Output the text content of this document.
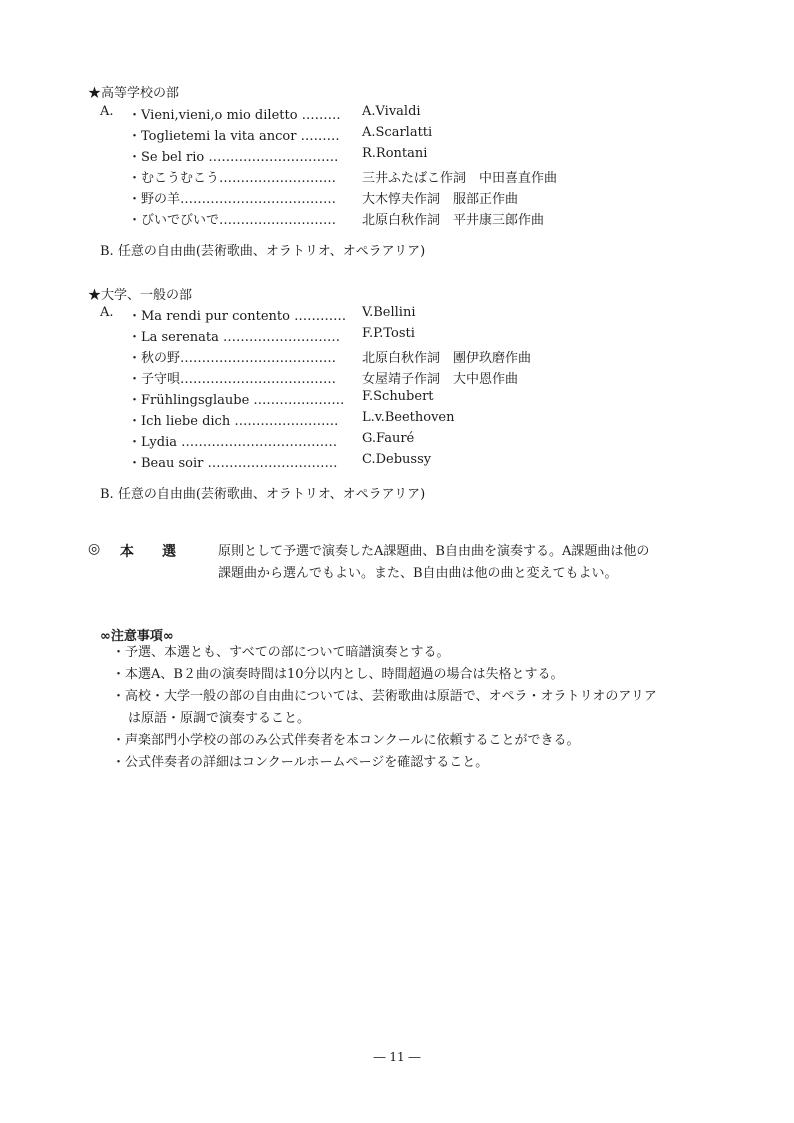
★高等学校の部
A. ・Vieni,vieni,o mio diletto ………	A.Vivaldi
・Toglietemi la vita ancor ………	A.Scarlatti
・Se bel rio …………………………	R.Rontani
・むこうむこう………………………	三井ふたばこ作詞　中田喜直作曲
・野の羊………………………………	大木惇夫作詞　服部正作曲
・びいでびいで………………………	北原白秋作詞　平井康三郎作曲
B. 任意の自由曲(芸術歌曲、オラトリオ、オペラアリア)
★大学、一般の部
A. ・Ma rendi pur contento …………	V.Bellini
・La serenata ………………………	F.P.Tosti
・秋の野………………………………	北原白秋作詞　團伊玖磨作曲
・子守唄………………………………	女屋靖子作詞　大中恩作曲
・Frühlingsglaube …………………	F.Schubert
・Ich liebe dich ……………………	L.v.Beethoven
・Lydia ………………………………	G.Fauré
・Beau soir …………………………	C.Debussy
B. 任意の自由曲(芸術歌曲、オラトリオ、オペラアリア)
◎ 本選 原則として予選で演奏したA課題曲、B自由曲を演奏する。A課題曲は他の
課題曲から選んでもよい。また、B自由曲は他の曲と変えてもよい。
∞注意事項∞
・予選、本選とも、すべての部について暗譜演奏とする。
・本選A、B２曲の演奏時間は10分以内とし、時間超過の場合は失格とする。
・高校・大学一般の部の自由曲については、芸術歌曲は原語で、オペラ・オラトリオのアリア
は原語・原調で演奏すること。
・声楽部門小学校の部のみ公式伴奏者を本コンクールに依頼することができる。
・公式伴奏者の詳細はコンクールホームページを確認すること。
― 11 ―
